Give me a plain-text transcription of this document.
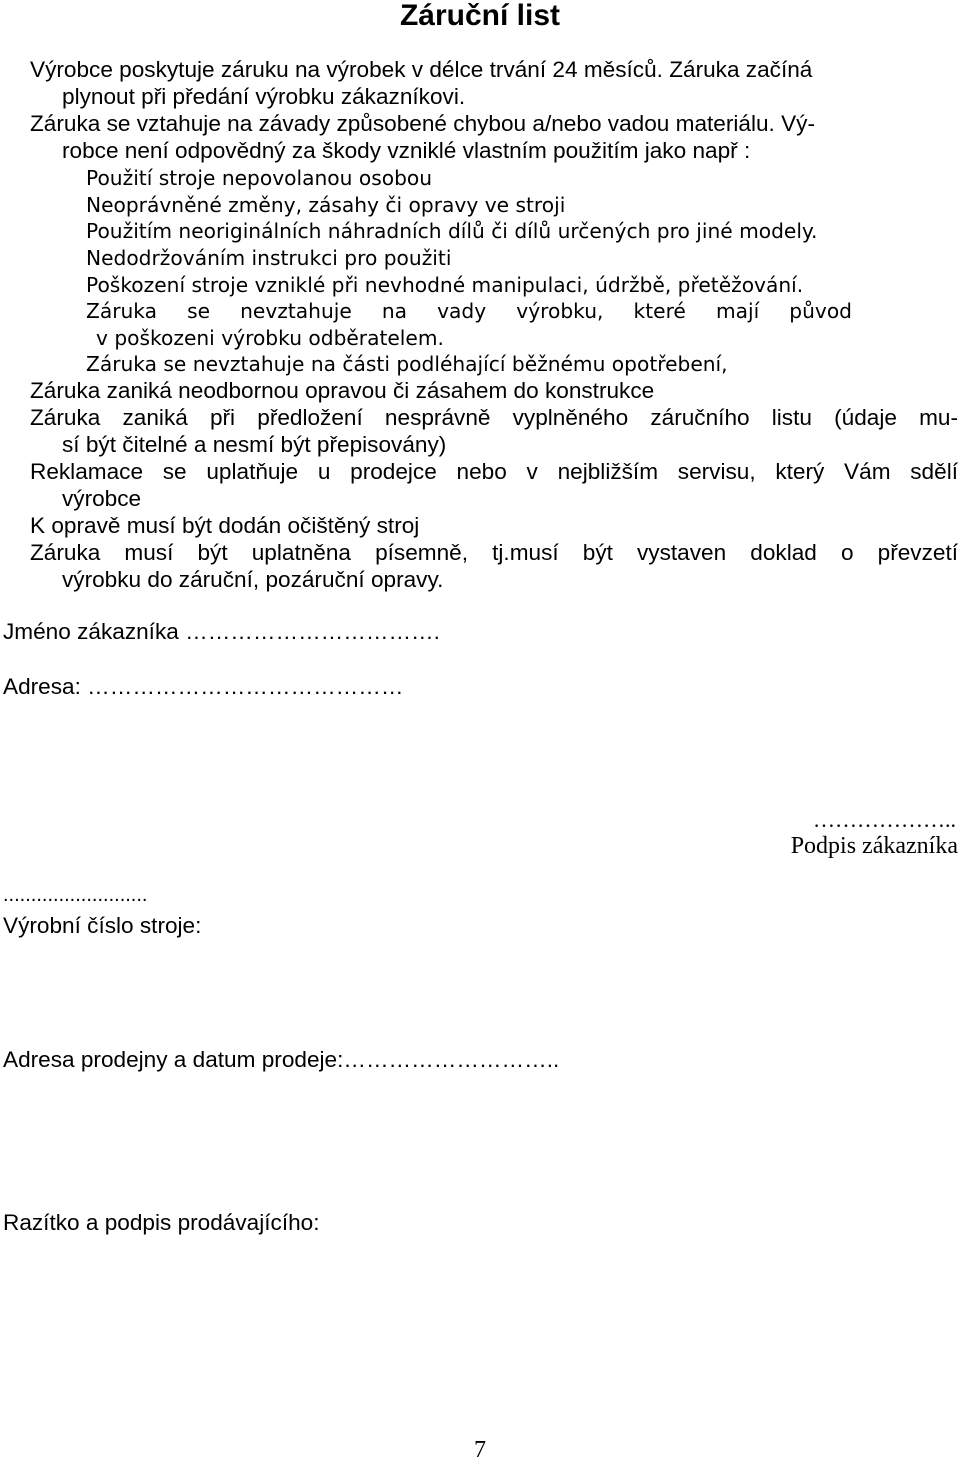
Záruční list
Výrobce poskytuje záruku na výrobek v délce trvání 24 měsíců. Záruka začíná
plynout při předání výrobku zákazníkovi.
Záruka se vztahuje na závady způsobené chybou a/nebo vadou materiálu. Vý-
robce není odpovědný za škody vzniklé vlastním použitím jako např :
Použití stroje nepovolanou osobou
Neoprávněné změny, zásahy či opravy ve stroji
Použitím neoriginálních náhradních dílů či dílů určených pro jiné modely.
Nedodržováním instrukci pro použiti
Poškození stroje vzniklé při nevhodné manipulaci, údržbě, přetěžování.
Záruka se nevztahuje na vady výrobku, které mají původ
v poškozeni výrobku odběratelem.
Záruka se nevztahuje na části podléhající běžnému opotřebení,
Záruka zaniká neodbornou opravou či zásahem do konstrukce
Záruka zaniká při předložení nesprávně vyplněného záručního listu (údaje mu-
sí být čitelné a nesmí být přepisovány)
Reklamace se uplatňuje u prodejce nebo v nejbližším servisu, který Vám sdělí
výrobce
K opravě musí být dodán očištěný stroj
Záruka musí být uplatněna písemně, tj.musí být vystaven doklad o převzetí
výrobku do záruční, pozáruční opravy.
Jméno zákazníka …………………………….
Adresa: ……………………………………
………………..
Podpis zákazníka
..........................
Výrobní číslo stroje:
Adresa prodejny a datum prodeje:………………………..
Razítko a podpis prodávajícího:
7
